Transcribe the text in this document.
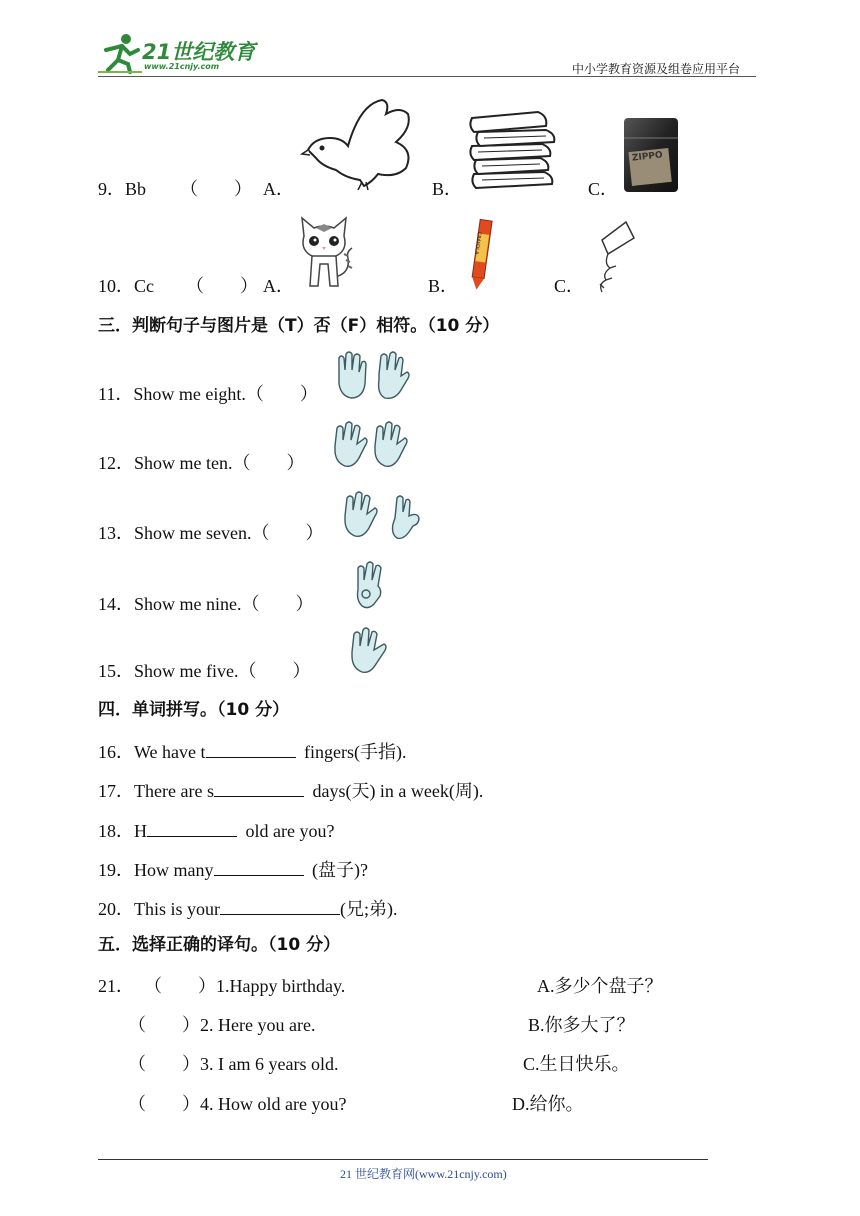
21世纪教育
www.21cnjy.com	中小学教育资源及组卷应用平台
9．Bb （　　） A．	B．	C．
ZIPPO
10．Cc （　　） A．	B．
CRAYOLA
C．
三．判断句子与图片是（T）否（F）相符。（10 分）
11．Show me eight.（　　）
12．Show me ten.（　　）
13．Show me seven.（　　）
14．Show me nine.（　　）
15．Show me five.（　　）
四．单词拼写。（10 分）
16．We have t	fingers(手指).
17．There are s	days(天) in a week(周).
18．H	old are you?
19．How many	(盘子)?
20．This is your	(兄;弟).
五．选择正确的译句。（10 分）
21． （　　）1.Happy birthday.	A.多少个盘子？
（　　）2. Here you are.	B.你多大了？
（　　）3. I am 6 years old.	C.生日快乐。
（　　）4. How old are you?	D.给你。
21 世纪教育网(www.21cnjy.com)
